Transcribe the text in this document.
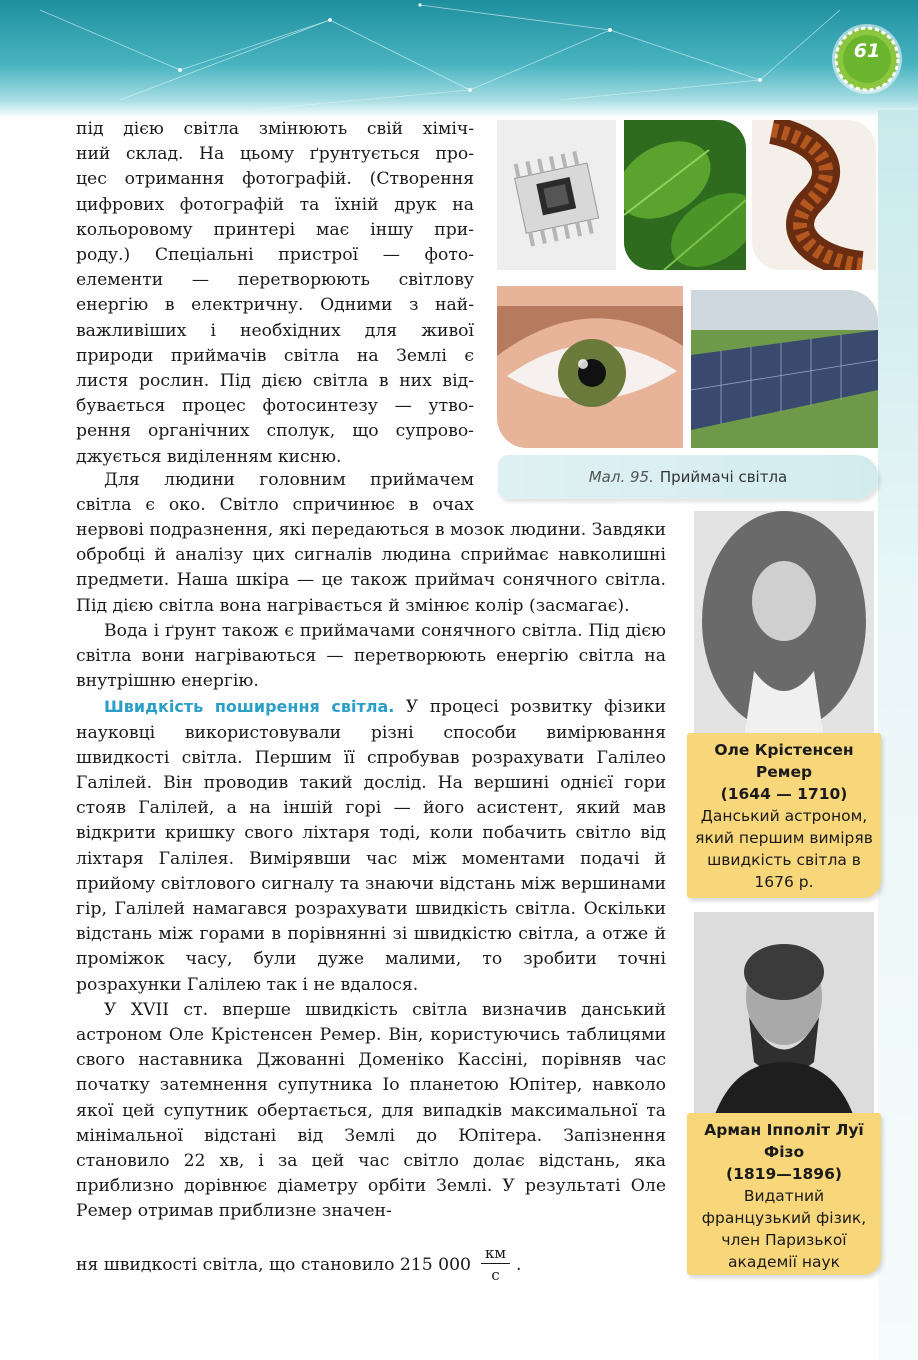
61

під дією світла змінюють свій хіміч-
ний склад. На цьому ґрунтується про-
цес отримання фотографій. (Створення
цифрових фотографій та їхній друк на
кольоровому принтері має іншу при-
роду.) Спеціальні пристрої — фото-
елементи — перетворюють світлову
енергію в електричну. Одними з най-
важливіших і необхідних для живої
природи приймачів світла на Землі є
листя рослин. Під дією світла в них від-
бувається процес фотосинтезу — утво-
рення органічних сполук, що супрово-
джується виділенням кисню.

Для людини головним приймачем
світла є око. Світло спричинює в очах

нервові подразнення, які передаються в мозок людини. Завдяки обробці й аналізу цих сигналів людина сприймає навколишні предмети. Наша шкіра — це також приймач сонячного світла. Під дією світла вона нагрівається й змінює колір (засмагає).

Вода і ґрунт також є приймачами сонячного світла. Під дією світла вони нагріваються — перетворюють енергію світла на внутрішню енергію.

Швидкість поширення світла. У процесі розвитку фізики науковці використовували різні способи вимірювання швидкості світла. Першим її спробував розрахувати Галілео Галілей. Він проводив такий дослід. На вершині однієї гори стояв Галілей, а на іншій горі — його асистент, який мав відкрити кришку свого ліхтаря тоді, коли побачить світло від ліхтаря Галілея. Вимірявши час між моментами подачі й прийому світлового сигналу та знаючи відстань між вершинами гір, Галілей намагався розрахувати швидкість світла. Оскільки відстань між горами в порівнянні зі швидкістю світла, а отже й проміжок часу, були дуже малими, то зробити точні розрахунки Галілею так і не вдалося.

У XVII ст. вперше швидкість світла визначив данський астроном Оле Крістенсен Ремер. Він, користуючись таблицями свого наставника Джованні Доменіко Кассіні, порівняв час початку затемнення супутника Іо планетою Юпітер, навколо якої цей супутник обертається, для випадків максимальної та мінімальної відстані від Землі до Юпітера. Запізнення становило 22 хв, і за цей час світло долає відстань, яка приблизно дорівнює діаметру орбіти Землі. У результаті Оле Ремер отримав приблизне значен-

ня швидкості світла, що становило 215 000
км
с
.
Мал. 95. Приймачі світла
Оле Крістенсен Ремер
(1644 — 1710)
Данський астроном, який першим виміряв швидкість світла в 1676 р.
Арман Іпполіт Луї Фізо
(1819—1896)
Видатний французький фізик, член Паризької академії наук
